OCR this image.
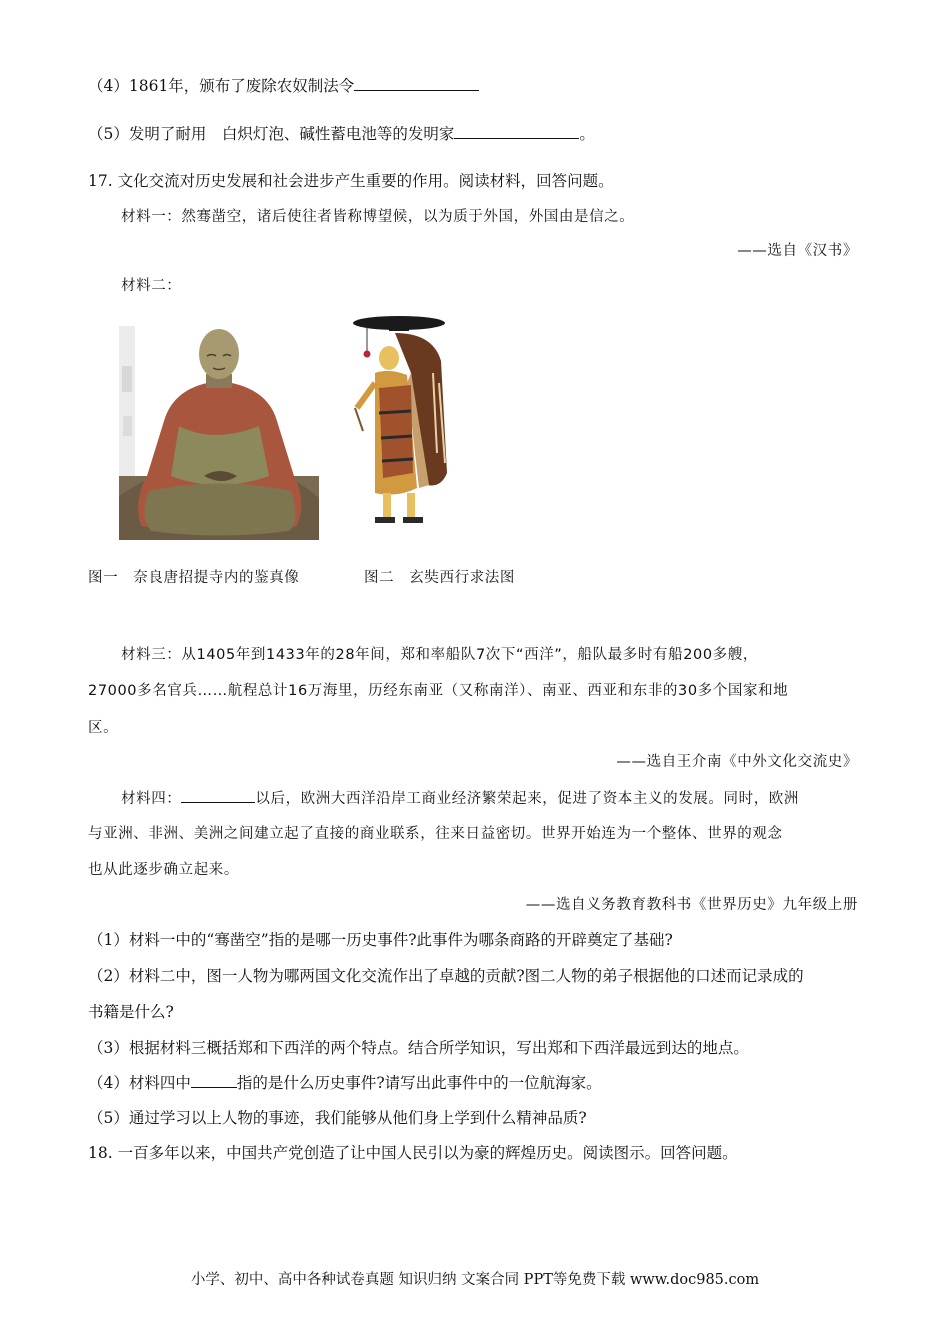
（4）1861年，颁布了废除农奴制法令
（5）发明了耐用　白炽灯泡、碱性蓄电池等的发明家	。
17. 文化交流对历史发展和社会进步产生重要的作用。阅读材料，回答问题。
材料一：然骞凿空，诸后使往者皆称博望候，以为质于外国，外国由是信之。
——选自《汉书》
材料二：
图一　奈良唐招提寺内的鉴真像	图二　玄奘西行求法图
材料三：从1405年到1433年的28年间，郑和率船队7次下“西洋”，船队最多时有船200多艘，
27000多名官兵……航程总计16万海里，历经东南亚（又称南洋）、南亚、西亚和东非的30多个国家和地
区。
——选自王介南《中外文化交流史》
材料四：	以后，欧洲大西洋沿岸工商业经济繁荣起来，促进了资本主义的发展。同时，欧洲
与亚洲、非洲、美洲之间建立起了直接的商业联系，往来日益密切。世界开始连为一个整体、世界的观念
也从此逐步确立起来。
——选自义务教育教科书《世界历史》九年级上册
（1）材料一中的“骞凿空”指的是哪一历史事件?此事件为哪条商路的开辟奠定了基础?
（2）材料二中，图一人物为哪两国文化交流作出了卓越的贡献?图二人物的弟子根据他的口述而记录成的
书籍是什么?
（3）根据材料三概括郑和下西洋的两个特点。结合所学知识，写出郑和下西洋最远到达的地点。
（4）材料四中	指的是什么历史事件?请写出此事件中的一位航海家。
（5）通过学习以上人物的事迹，我们能够从他们身上学到什么精神品质?
18. 一百多年以来，中国共产党创造了让中国人民引以为豪的辉煌历史。阅读图示。回答问题。
小学、初中、高中各种试卷真题 知识归纳 文案合同 PPT等免费下载 www.doc985.com
